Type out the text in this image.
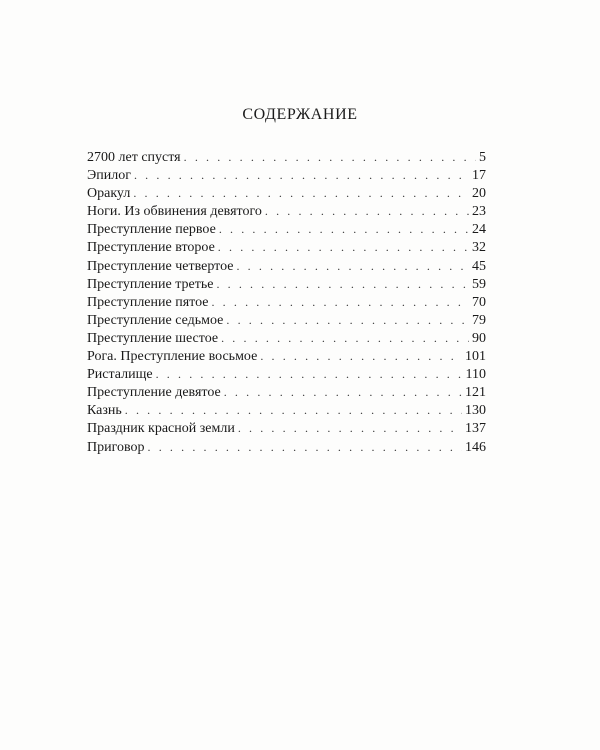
СОДЕРЖАНИЕ
2700 лет спустя . . .	5
Эпилог . . .	17
Оракул . . .	20
Ноги. Из обвинения девятого . . .	23
Преступление первое . . .	24
Преступление второе . . .	32
Преступление четвертое . . .	45
Преступление третье . . .	59
Преступление пятое . . .	70
Преступление седьмое . . .	79
Преступление шестое . . .	90
Рога. Преступление восьмое . . .	101
Ристалище . . .	110
Преступление девятое . . .	121
Казнь . . .	130
Праздник красной земли . . .	137
Приговор . . .	146
